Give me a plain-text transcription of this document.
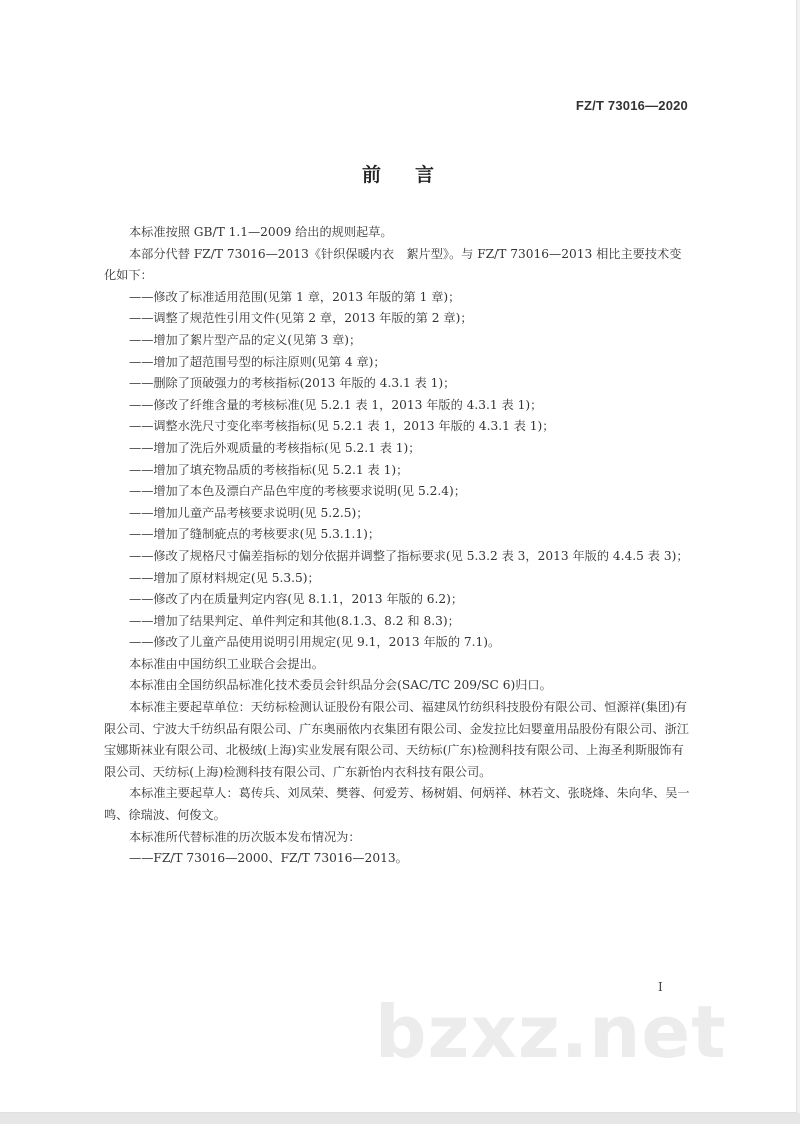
FZ/T 73016—2020
前言

本标准按照 GB/T 1.1—2009 给出的规则起草。

本部分代替 FZ/T 73016—2013《针织保暖内衣　絮片型》。与 FZ/T 73016—2013 相比主要技术变化如下：

——修改了标准适用范围(见第 1 章，2013 年版的第 1 章)；

——调整了规范性引用文件(见第 2 章，2013 年版的第 2 章)；

——增加了絮片型产品的定义(见第 3 章)；

——增加了超范围号型的标注原则(见第 4 章)；

——删除了顶破强力的考核指标(2013 年版的 4.3.1 表 1)；

——修改了纤维含量的考核标准(见 5.2.1 表 1，2013 年版的 4.3.1 表 1)；

——调整水洗尺寸变化率考核指标(见 5.2.1 表 1，2013 年版的 4.3.1 表 1)；

——增加了洗后外观质量的考核指标(见 5.2.1 表 1)；

——增加了填充物品质的考核指标(见 5.2.1 表 1)；

——增加了本色及漂白产品色牢度的考核要求说明(见 5.2.4)；

——增加儿童产品考核要求说明(见 5.2.5)；

——增加了缝制疵点的考核要求(见 5.3.1.1)；

——修改了规格尺寸偏差指标的划分依据并调整了指标要求(见 5.3.2 表 3，2013 年版的 4.4.5 表 3)；

——增加了原材料规定(见 5.3.5)；

——修改了内在质量判定内容(见 8.1.1，2013 年版的 6.2)；

——增加了结果判定、单件判定和其他(8.1.3、8.2 和 8.3)；

——修改了儿童产品使用说明引用规定(见 9.1，2013 年版的 7.1)。

本标准由中国纺织工业联合会提出。

本标准由全国纺织品标准化技术委员会针织品分会(SAC/TC 209/SC 6)归口。

本标准主要起草单位：天纺标检测认证股份有限公司、福建凤竹纺织科技股份有限公司、恒源祥(集团)有限公司、宁波大千纺织品有限公司、广东奥丽侬内衣集团有限公司、金发拉比妇婴童用品股份有限公司、浙江宝娜斯袜业有限公司、北极绒(上海)实业发展有限公司、天纺标(广东)检测科技有限公司、上海圣利斯服饰有限公司、天纺标(上海)检测科技有限公司、广东新怡内衣科技有限公司。

本标准主要起草人：葛传兵、刘凤荣、樊蓉、何爱芳、杨树娟、何炳祥、林若文、张晓烽、朱向华、吴一鸣、徐瑞波、何俊文。

本标准所代替标准的历次版本发布情况为：

——FZ/T 73016—2000、FZ/T 73016—2013。

I
bzxz.net
